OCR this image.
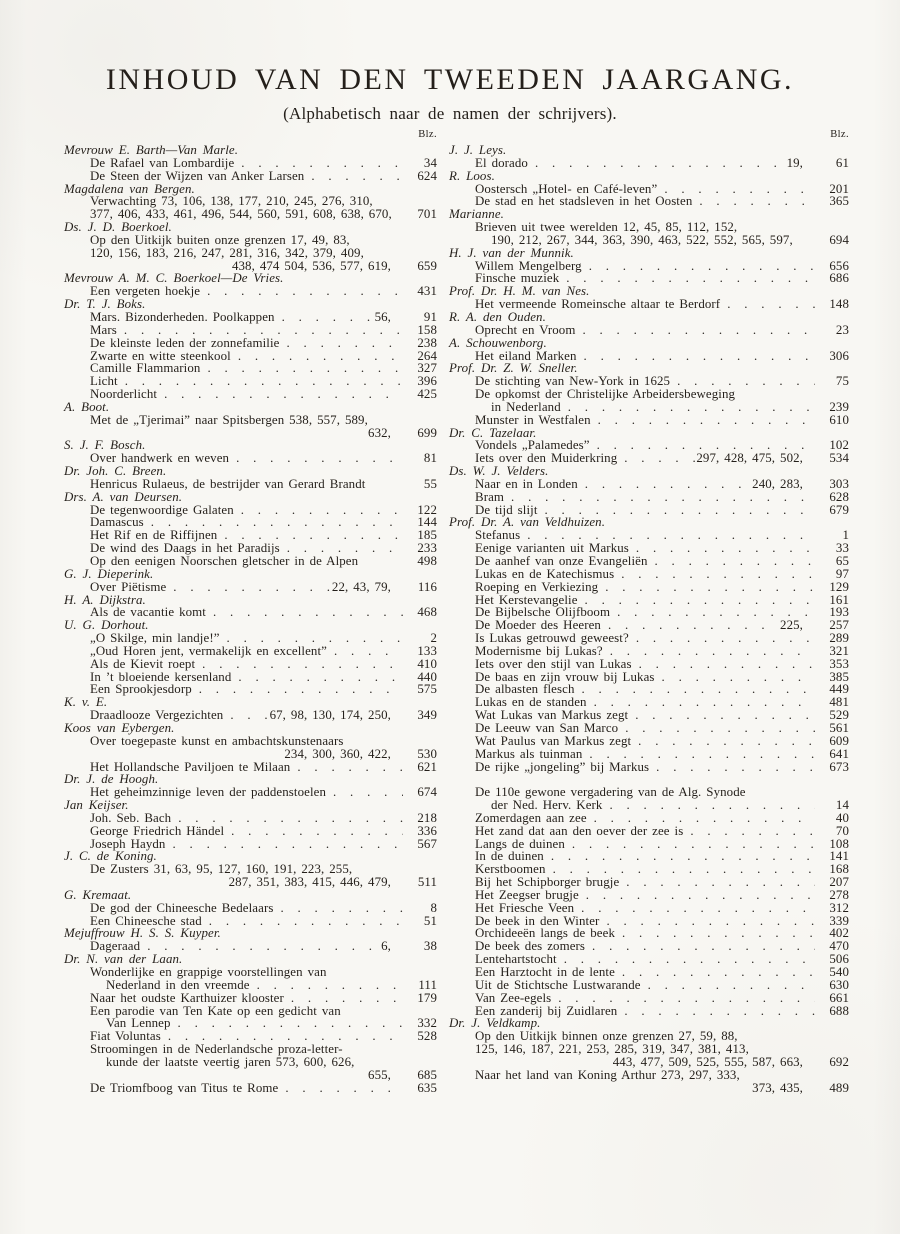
INHOUD VAN DEN TWEEDEN JAARGANG.
(Alphabetisch naar de namen der schrijvers).
Blz.
Mevrouw E. Barth—Van Marle.
De Rafael van Lombardije . . .	34
De Steen der Wijzen van Anker Larsen . . .	624
Magdalena van Bergen.
Verwachting 73, 106, 138, 177, 210, 245, 276, 310,
377, 406, 433, 461, 496, 544, 560, 591, 608, 638, 670,	701
Ds. J. D. Boerkoel.
Op den Uitkijk buiten onze grenzen 17, 49, 83,
120, 156, 183, 216, 247, 281, 316, 342, 379, 409,
438, 474 504, 536, 577, 619,	659
Mevrouw A. M. C. Boerkoel—De Vries.
Een vergeten hoekje . . .	431
Dr. T. J. Boks.
Mars. Bizonderheden. Poolkappen . . .	56,	91
Mars . . .	158
De kleinste leden der zonnefamilie . . .	238
Zwarte en witte steenkool . . .	264
Camille Flammarion . . .	327
Licht . . .	396
Noorderlicht . . .	425
A. Boot.
Met de „Tjerimai” naar Spitsbergen 538, 557, 589,
632,	699
S. J. F. Bosch.
Over handwerk en weven . . .	81
Dr. Joh. C. Breen.
Henricus Rulaeus, de bestrijder van Gerard Brandt	55
Drs. A. van Deursen.
De tegenwoordige Galaten . . .	122
Damascus . . .	144
Het Rif en de Riffijnen . . .	185
De wind des Daags in het Paradijs . . .	233
Op den eenigen Noorschen gletscher in de Alpen	498
G. J. Dieperink.
Over Piëtisme . . .	22, 43, 79,	116
H. A. Dijkstra.
Als de vacantie komt . . .	468
U. G. Dorhout.
„O Skilge, min landje!” . . .	2
„Oud Horen jent, vermakelijk en excellent” . . .	133
Als de Kievit roept . . .	410
In ’t bloeiende kersenland . . .	440
Een Sprookjesdorp . . .	575
K. v. E.
Draadlooze Vergezichten . . .	67, 98, 130, 174, 250,	349
Koos van Eybergen.
Over toegepaste kunst en ambachtskunstenaars
234, 300, 360, 422,	530
Het Hollandsche Paviljoen te Milaan . . .	621
Dr. J. de Hoogh.
Het geheimzinnige leven der paddenstoelen . . .	674
Jan Keijser.
Joh. Seb. Bach . . .	218
George Friedrich Händel . . .	336
Joseph Haydn . . .	567
J. C. de Koning.
De Zusters 31, 63, 95, 127, 160, 191, 223, 255,
287, 351, 383, 415, 446, 479,	511
G. Kremaat.
De god der Chineesche Bedelaars . . .	8
Een Chineesche stad . . .	51
Mejuffrouw H. S. S. Kuyper.
Dageraad . . .	6,	38
Dr. N. van der Laan.
Wonderlijke en grappige voorstellingen van
Nederland in den vreemde . . .	111
Naar het oudste Karthuizer klooster . . .	179
Een parodie van Ten Kate op een gedicht van
Van Lennep . . .	332
Fiat Voluntas . . .	528
Stroomingen in de Nederlandsche proza-letter-
kunde der laatste veertig jaren 573, 600, 626,
655,	685
De Triomfboog van Titus te Rome . . .	635
Blz.
J. J. Leys.
El dorado . . .	19,	61
R. Loos.
Oostersch „Hotel- en Café-leven” . . .	201
De stad en het stadsleven in het Oosten . . .	365
Marianne.
Brieven uit twee werelden 12, 45, 85, 112, 152,
190, 212, 267, 344, 363, 390, 463, 522, 552, 565, 597,	694
H. J. van der Munnik.
Willem Mengelberg . . .	656
Finsche muziek . . .	686
Prof. Dr. H. M. van Nes.
Het vermeende Romeinsche altaar te Berdorf . . .	148
R. A. den Ouden.
Oprecht en Vroom . . .	23
A. Schouwenborg.
Het eiland Marken . . .	306
Prof. Dr. Z. W. Sneller.
De stichting van New-York in 1625 . . .	75
De opkomst der Christelijke Arbeidersbeweging
in Nederland . . .	239
Munster in Westfalen . . .	610
Dr. C. Tazelaar.
Vondels „Palamedes” . . .	102
Iets over den Muiderkring . . .	297, 428, 475, 502,	534
Ds. W. J. Velders.
Naar en in Londen . . .	240, 283,	303
Bram . . .	628
De tijd slijt . . .	679
Prof. Dr. A. van Veldhuizen.
Stefanus . . .	1
Eenige varianten uit Markus . . .	33
De aanhef van onze Evangeliën . . .	65
Lukas en de Katechismus . . .	97
Roeping en Verkiezing . . .	129
Het Kerstevangelie . . .	161
De Bijbelsche Olijfboom . . .	193
De Moeder des Heeren . . .	225,	257
Is Lukas getrouwd geweest? . . .	289
Modernisme bij Lukas? . . .	321
Iets over den stijl van Lukas . . .	353
De baas en zijn vrouw bij Lukas . . .	385
De albasten flesch . . .	449
Lukas en de standen . . .	481
Wat Lukas van Markus zegt . . .	529
De Leeuw van San Marco . . .	561
Wat Paulus van Markus zegt . . .	609
Markus als tuinman . . .	641
De rijke „jongeling” bij Markus . . .	673
De 110e gewone vergadering van de Alg. Synode
der Ned. Herv. Kerk . . .	14
Zomerdagen aan zee . . .	40
Het zand dat aan den oever der zee is . . .	70
Langs de duinen . . .	108
In de duinen . . .	141
Kerstboomen . . .	168
Bij het Schipborger brugje . . .	207
Het Zeegser brugje . . .	278
Het Friesche Veen . . .	312
De beek in den Winter . . .	339
Orchideeën langs de beek . . .	402
De beek des zomers . . .	470
Lentehartstocht . . .	506
Een Harztocht in de lente . . .	540
Uit de Stichtsche Lustwarande . . .	630
Van Zee-egels . . .	661
Een zanderij bij Zuidlaren . . .	688
Dr. J. Veldkamp.
Op den Uitkijk binnen onze grenzen 27, 59, 88,
125, 146, 187, 221, 253, 285, 319, 347, 381, 413,
443, 477, 509, 525, 555, 587, 663,	692
Naar het land van Koning Arthur 273, 297, 333,
373, 435,	489
